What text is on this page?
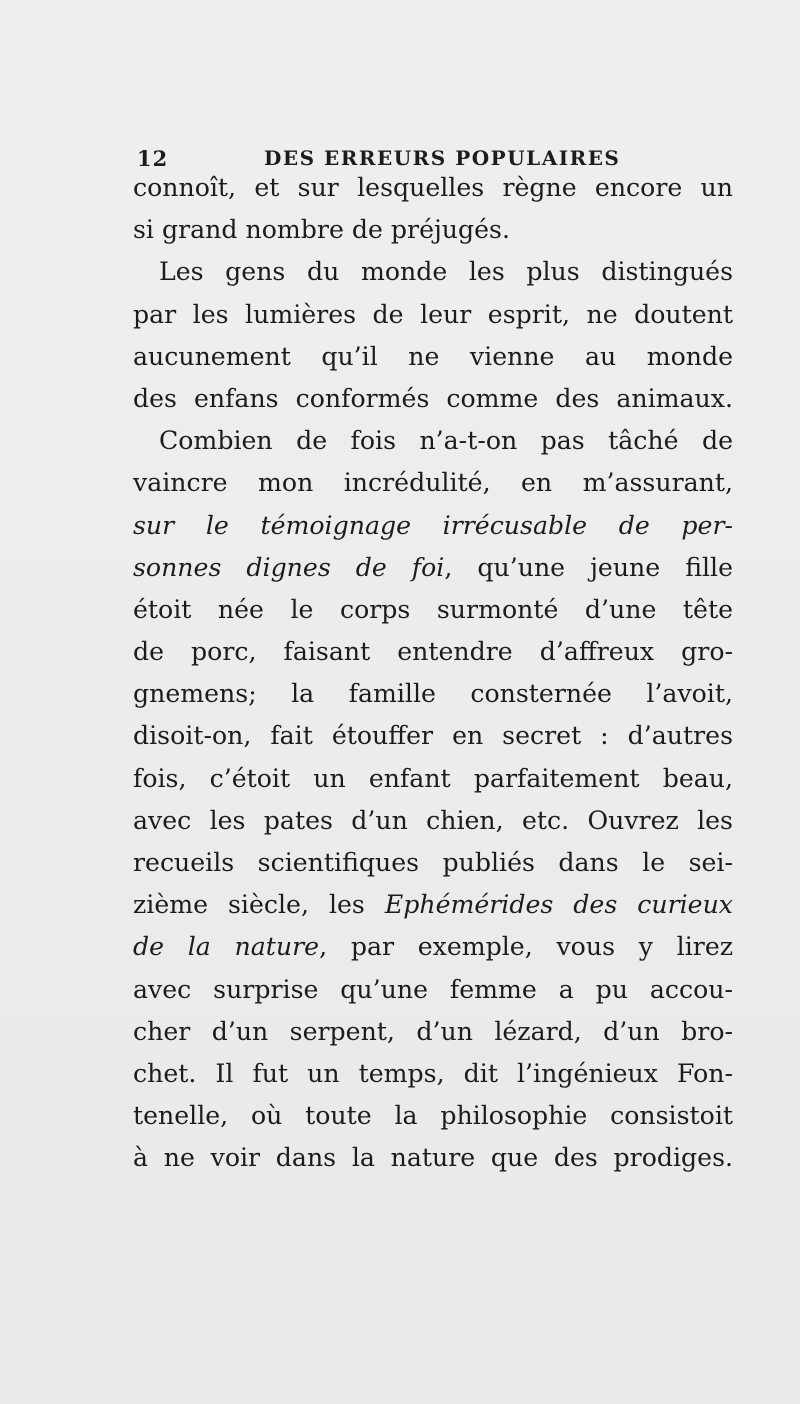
12	DES ERREURS POPULAIRES
connoît, et sur lesquelles règne encore un
si grand nombre de préjugés.
Les gens du monde les plus distingués
par les lumières de leur esprit, ne doutent
aucunement qu’il ne vienne au monde
des enfans conformés comme des animaux.
Combien de fois n’a-t-on pas tâché de
vaincre mon incrédulité, en m’assurant,
sur le témoignage irrécusable de per-
sonnes dignes de foi, qu’une jeune fille
étoit née le corps surmonté d’une tête
de porc, faisant entendre d’affreux gro-
gnemens; la famille consternée l’avoit,
disoit-on, fait étouffer en secret : d’autres
fois, c’étoit un enfant parfaitement beau,
avec les pates d’un chien, etc. Ouvrez les
recueils scientifiques publiés dans le sei-
zième siècle, les Ephémérides des curieux
de la nature, par exemple, vous y lirez
avec surprise qu’une femme a pu accou-
cher d’un serpent, d’un lézard, d’un bro-
chet. Il fut un temps, dit l’ingénieux Fon-
tenelle, où toute la philosophie consistoit
à ne voir dans la nature que des prodiges.
